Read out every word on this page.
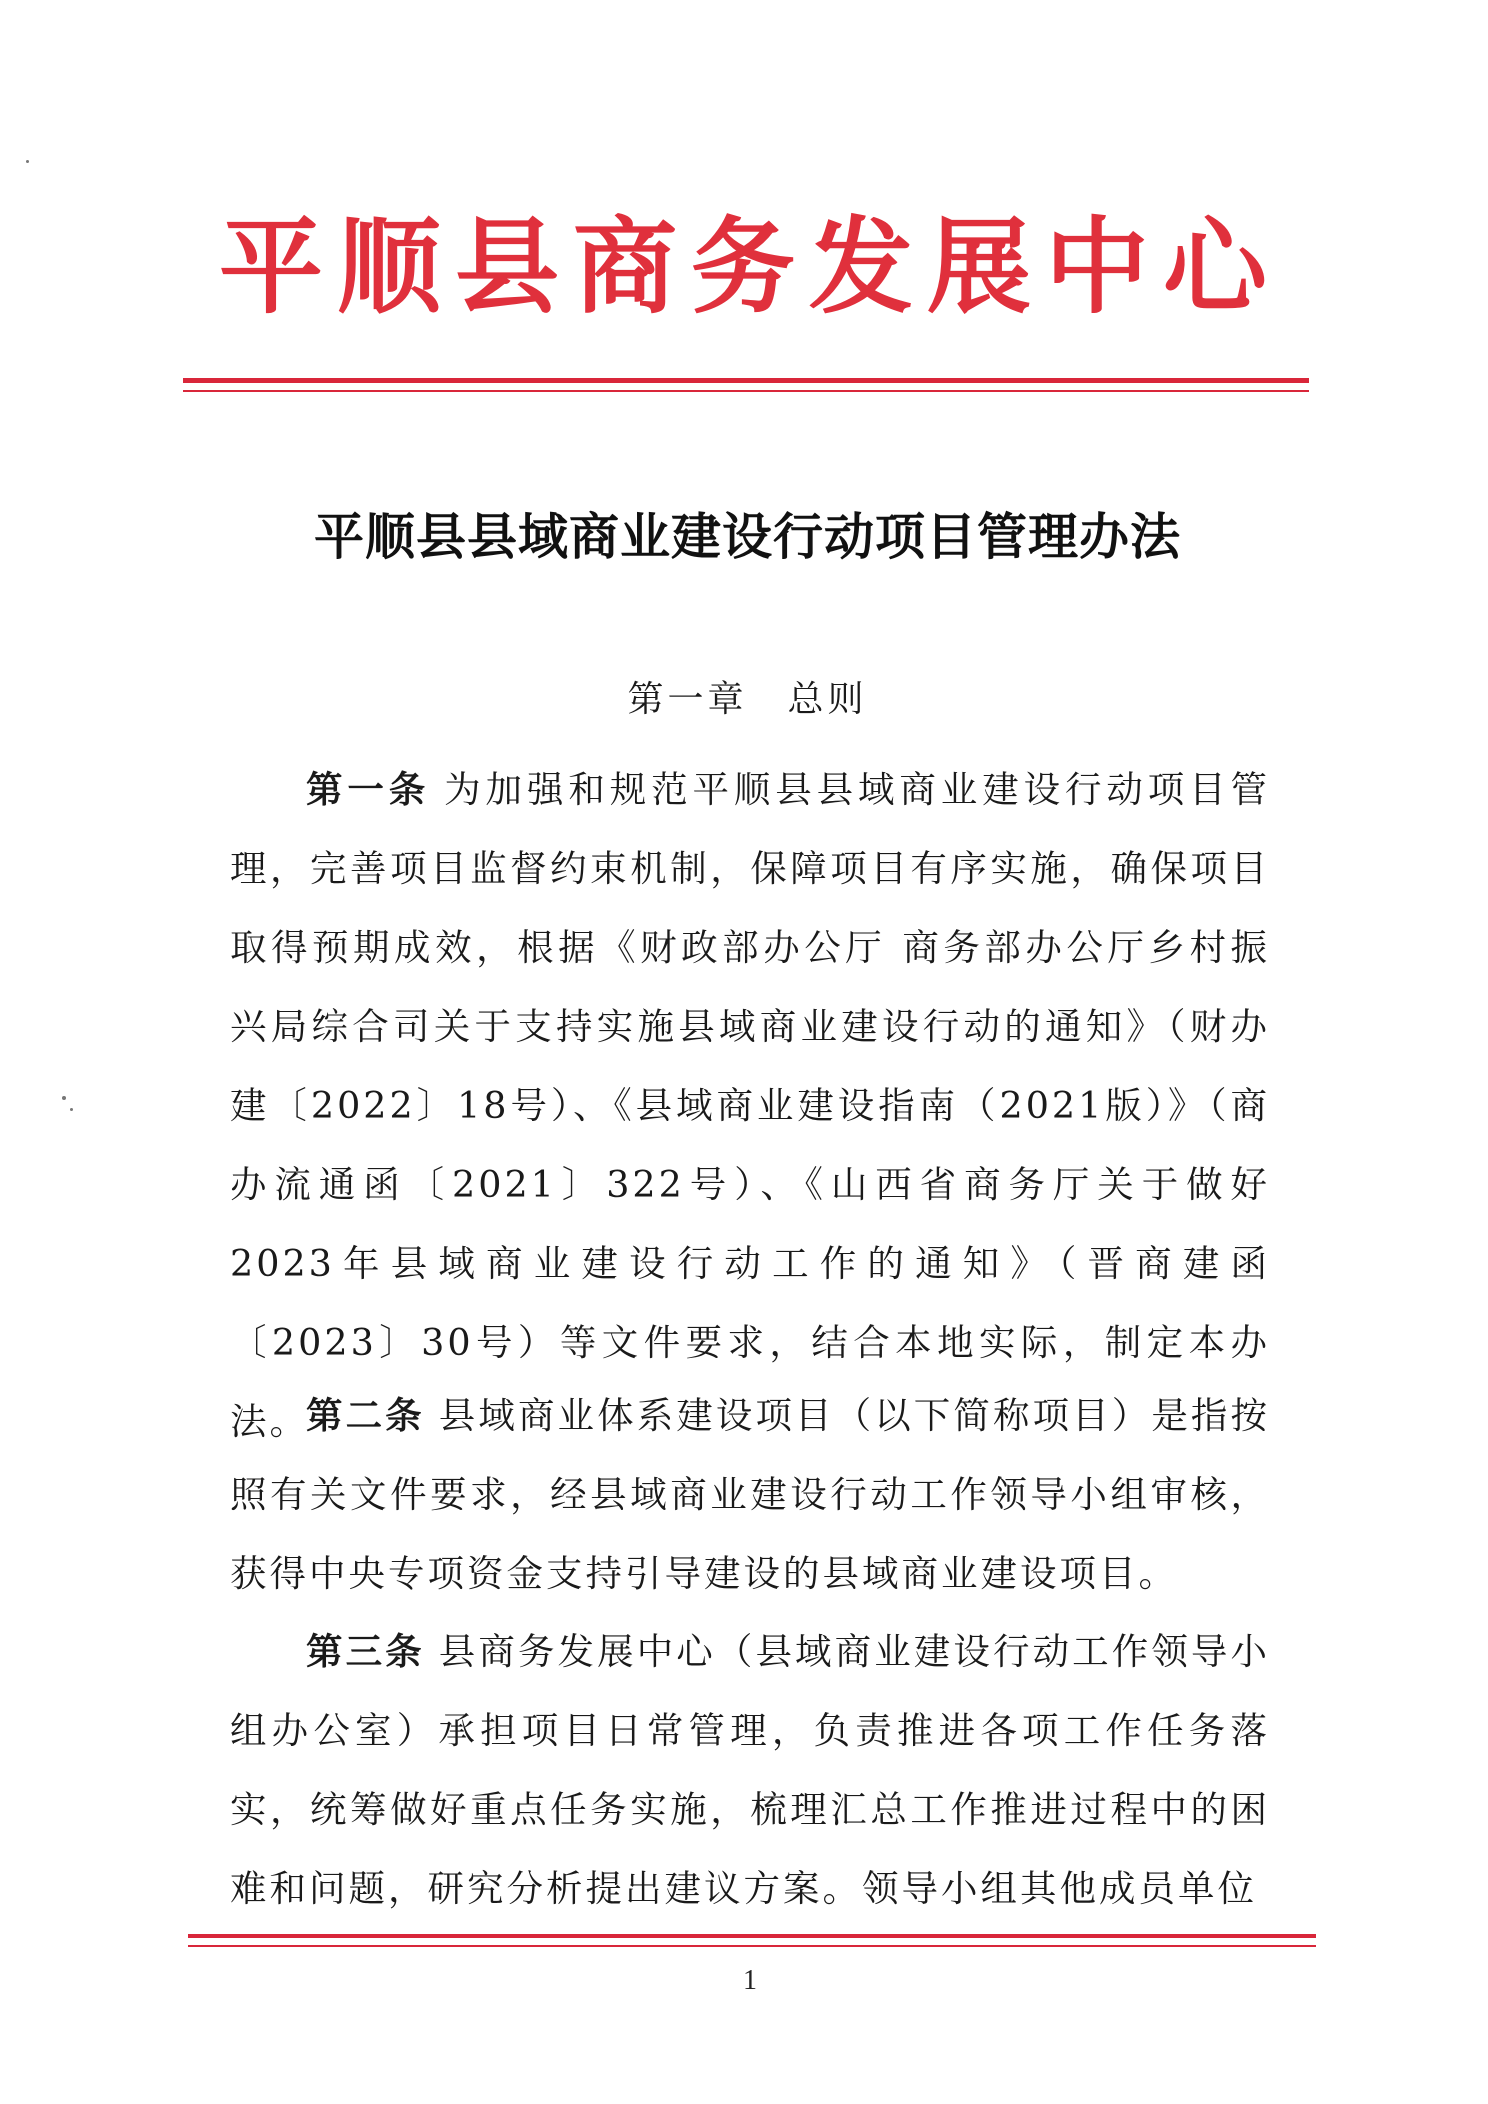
平顺县商务发展中心
平顺县县域商业建设行动项目管理办法
第一章　总则
第一条 为加强和规范平顺县县域商业建设行动项目管理，完善项目监督约束机制，保障项目有序实施，确保项目取得预期成效，根据《财政部办公厅 商务部办公厅乡村振兴局综合司关于支持实施县域商业建设行动的通知》（财办建〔2022〕18号）、《县域商业建设指南（2021版）》（商办流通函〔2021〕322号）、《山西省商务厅关于做好2023年县域商业建设行动工作的通知》（晋商建函〔2023〕30号）等文件要求，结合本地实际，制定本办法。
第二条 县域商业体系建设项目（以下简称项目）是指按照有关文件要求，经县域商业建设行动工作领导小组审核，获得中央专项资金支持引导建设的县域商业建设项目。
第三条 县商务发展中心（县域商业建设行动工作领导小组办公室）承担项目日常管理，负责推进各项工作任务落实，统筹做好重点任务实施，梳理汇总工作推进过程中的困难和问题，研究分析提出建议方案。领导小组其他成员单位
1
